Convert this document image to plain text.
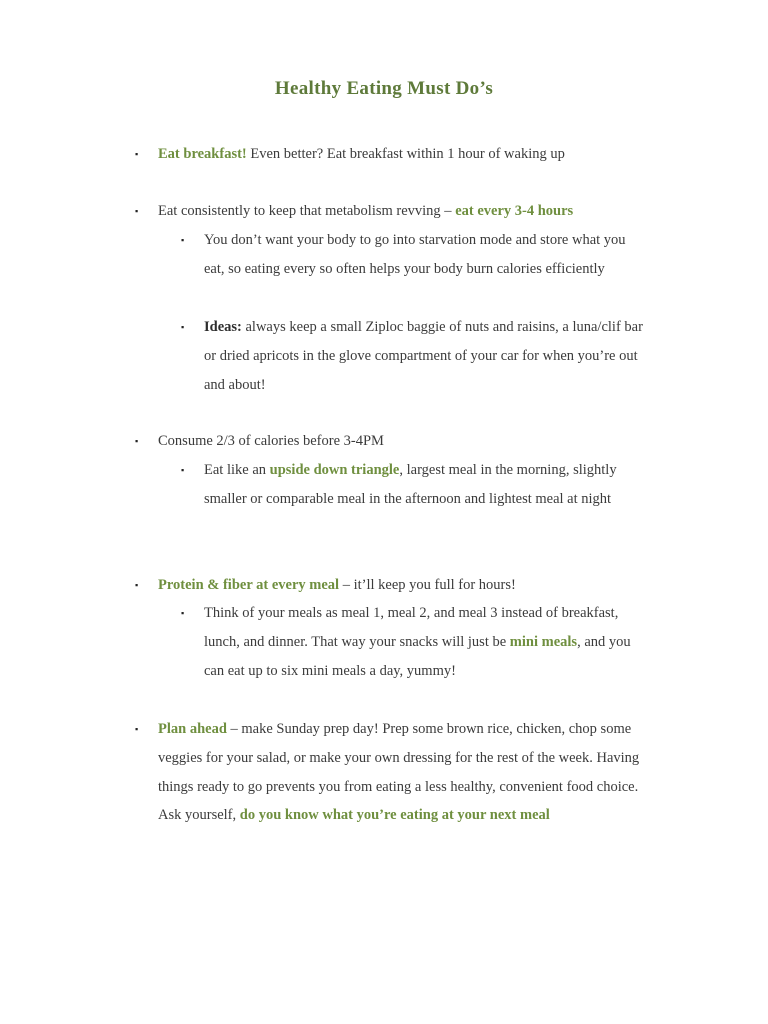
Healthy Eating Must Do’s
▪ Eat breakfast! Even better? Eat breakfast within 1 hour of waking up
▪ Eat consistently to keep that metabolism revving – eat every 3-4 hours
▪ You don’t want your body to go into starvation mode and store what you eat, so eating every so often helps your body burn calories efficiently
▪ Ideas: always keep a small Ziploc baggie of nuts and raisins, a luna/clif bar or dried apricots in the glove compartment of your car for when you’re out and about!
▪ Consume 2/3 of calories before 3-4PM
▪ Eat like an upside down triangle, largest meal in the morning, slightly smaller or comparable meal in the afternoon and lightest meal at night
▪ Protein & fiber at every meal – it’ll keep you full for hours!
▪ Think of your meals as meal 1, meal 2, and meal 3 instead of breakfast, lunch, and dinner. That way your snacks will just be mini meals, and you can eat up to six mini meals a day, yummy!
▪ Plan ahead – make Sunday prep day! Prep some brown rice, chicken, chop some veggies for your salad, or make your own dressing for the rest of the week. Having things ready to go prevents you from eating a less healthy, convenient food choice. Ask yourself, do you know what you’re eating at your next meal
